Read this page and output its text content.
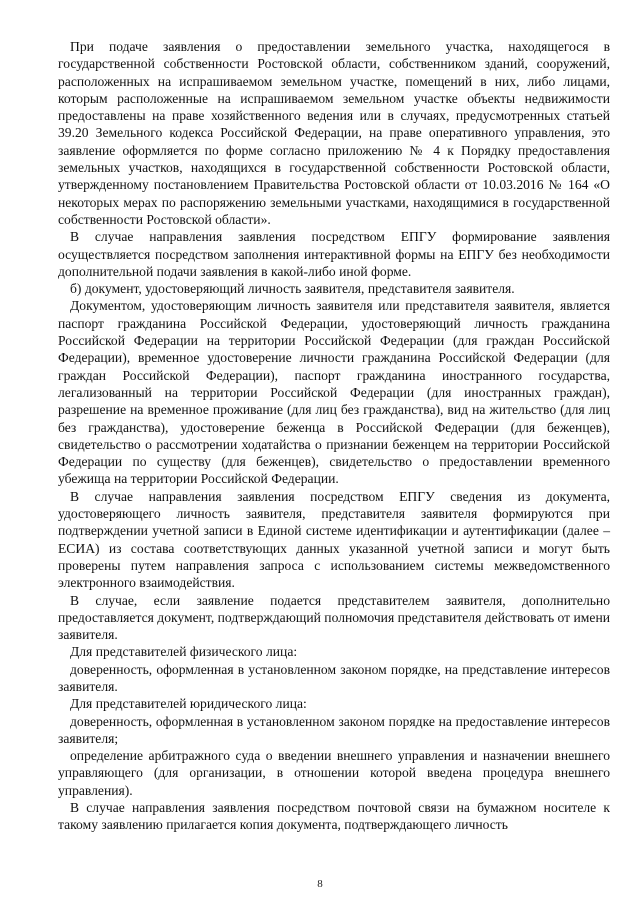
При подаче заявления о предоставлении земельного участка, находящегося в государственной собственности Ростовской области, собственником зданий, сооружений, расположенных на испрашиваемом земельном участке, помещений в них, либо лицами, которым расположенные на испрашиваемом земельном участке объекты недвижимости предоставлены на праве хозяйственного ведения или в случаях, предусмотренных статьей 39.20 Земельного кодекса Российской Федерации, на праве оперативного управления, это заявление оформляется по форме согласно приложению № 4 к Порядку предоставления земельных участков, находящихся в государственной собственности Ростовской области, утвержденному постановлением Правительства Ростовской области от 10.03.2016 № 164 «О некоторых мерах по распоряжению земельными участками, находящимися в государственной собственности Ростовской области».

В случае направления заявления посредством ЕПГУ формирование заявления осуществляется посредством заполнения интерактивной формы на ЕПГУ без необходимости дополнительной подачи заявления в какой-либо иной форме.

б) документ, удостоверяющий личность заявителя, представителя заявителя.

Документом, удостоверяющим личность заявителя или представителя заявителя, является паспорт гражданина Российской Федерации, удостоверяющий личность гражданина Российской Федерации на территории Российской Федерации (для граждан Российской Федерации), временное удостоверение личности гражданина Российской Федерации (для граждан Российской Федерации), паспорт гражданина иностранного государства, легализованный на территории Российской Федерации (для иностранных граждан), разрешение на временное проживание (для лиц без гражданства), вид на жительство (для лиц без гражданства), удостоверение беженца в Российской Федерации (для беженцев), свидетельство о рассмотрении ходатайства о признании беженцем на территории Российской Федерации по существу (для беженцев), свидетельство о предоставлении временного убежища на территории Российской Федерации.

В случае направления заявления посредством ЕПГУ сведения из документа, удостоверяющего личность заявителя, представителя заявителя формируются при подтверждении учетной записи в Единой системе идентификации и аутентификации (далее – ЕСИА) из состава соответствующих данных указанной учетной записи и могут быть проверены путем направления запроса с использованием системы межведомственного электронного взаимодействия.

В случае, если заявление подается представителем заявителя, дополнительно предоставляется документ, подтверждающий полномочия представителя действовать от имени заявителя.

Для представителей физического лица:

доверенность, оформленная в установленном законом порядке, на представление интересов заявителя.

Для представителей юридического лица:

доверенность, оформленная в установленном законом порядке на предоставление интересов заявителя;

определение арбитражного суда о введении внешнего управления и назначении внешнего управляющего (для организации, в отношении которой введена процедура внешнего управления).

В случае направления заявления посредством почтовой связи на бумажном носителе к такому заявлению прилагается копия документа, подтверждающего личность

8
